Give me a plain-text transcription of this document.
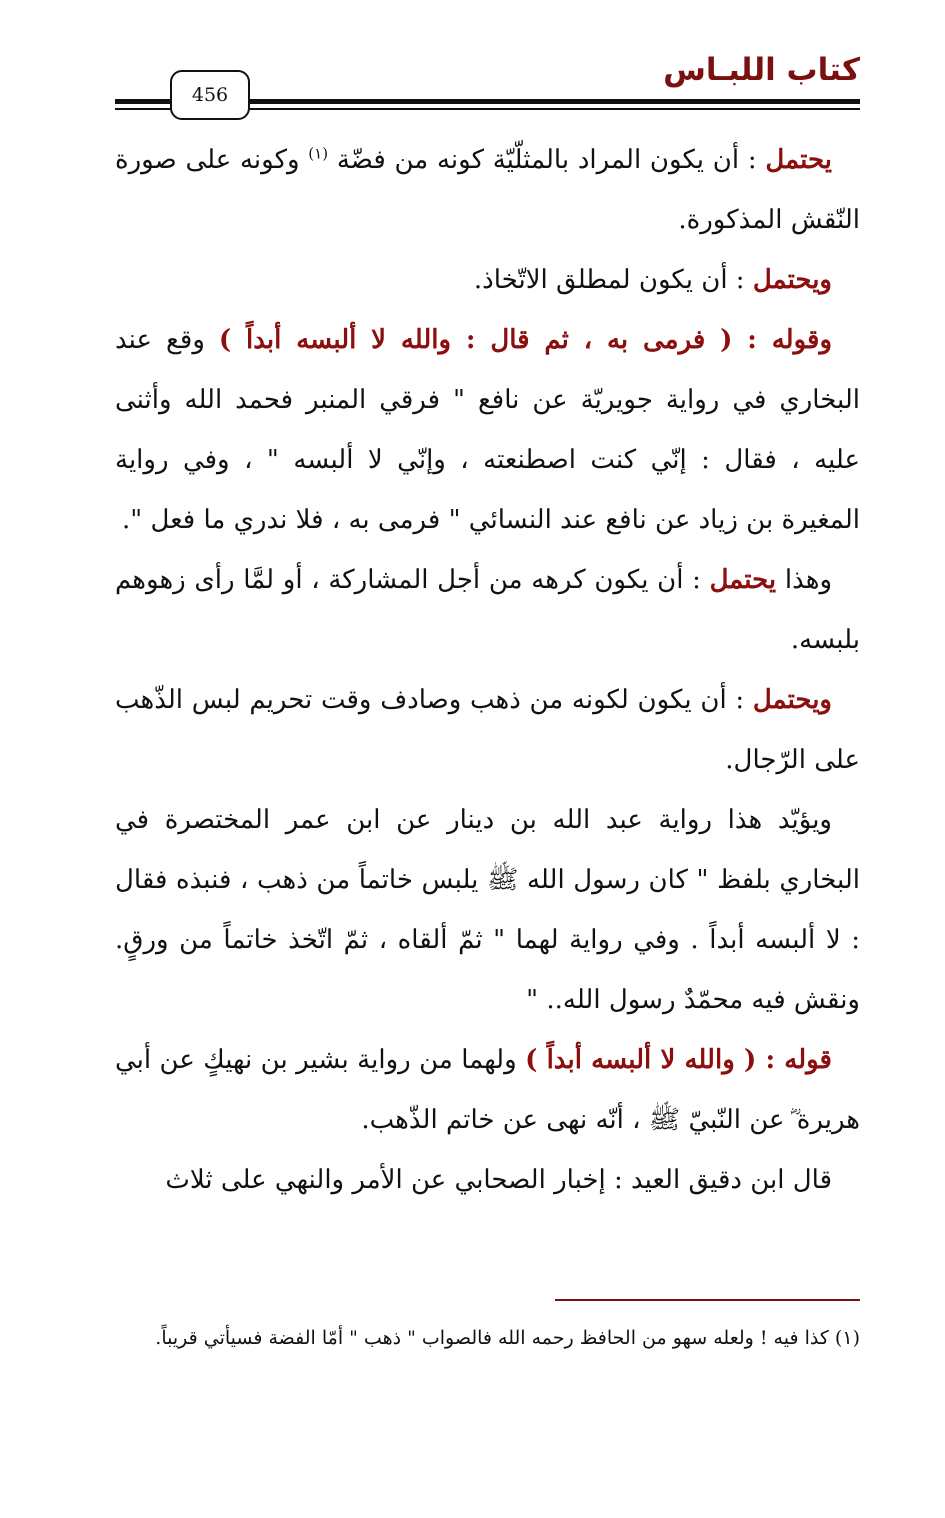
كتاب اللبـاس
456

يحتمل : أن يكون المراد بالمثلّيّة كونه من فضّة $^{(١)}$ وكونه على صورة النّقش المذكورة.

ويحتمل : أن يكون لمطلق الاتّخاذ.

وقوله : ( فرمى به ، ثم قال : والله لا ألبسه أبداً ) وقع عند البخاري في رواية جويريّة عن نافع " فرقي المنبر فحمد الله وأثنى عليه ، فقال : إنّي كنت اصطنعته ، وإنّي لا ألبسه " ، وفي رواية المغيرة بن زياد عن نافع عند النسائي " فرمى به ، فلا ندري ما فعل ".

وهذا يحتمل : أن يكون كرهه من أجل المشاركة ، أو لمَّا رأى زهوهم بلبسه.

ويحتمل : أن يكون لكونه من ذهب وصادف وقت تحريم لبس الذّهب على الرّجال.

ويؤيّد هذا رواية عبد الله بن دينار عن ابن عمر المختصرة في البخاري بلفظ " كان رسول الله ﷺ يلبس خاتماً من ذهب ، فنبذه فقال : لا ألبسه أبداً . وفي رواية لهما " ثمّ ألقاه ، ثمّ اتّخذ خاتماً من ورقٍ. ونقش فيه محمّدٌ رسول الله.. "

قوله : ( والله لا ألبسه أبداً ) ولهما من رواية بشير بن نهيكٍ عن أبي هريرة ؓ عن النّبيّ ﷺ ، أنّه نهى عن خاتم الذّهب.

قال ابن دقيق العيد : إخبار الصحابي عن الأمر والنهي على ثلاث

(١) كذا فيه ! ولعله سهو من الحافظ رحمه الله فالصواب " ذهب " أمّا الفضة فسيأتي قريباً.
